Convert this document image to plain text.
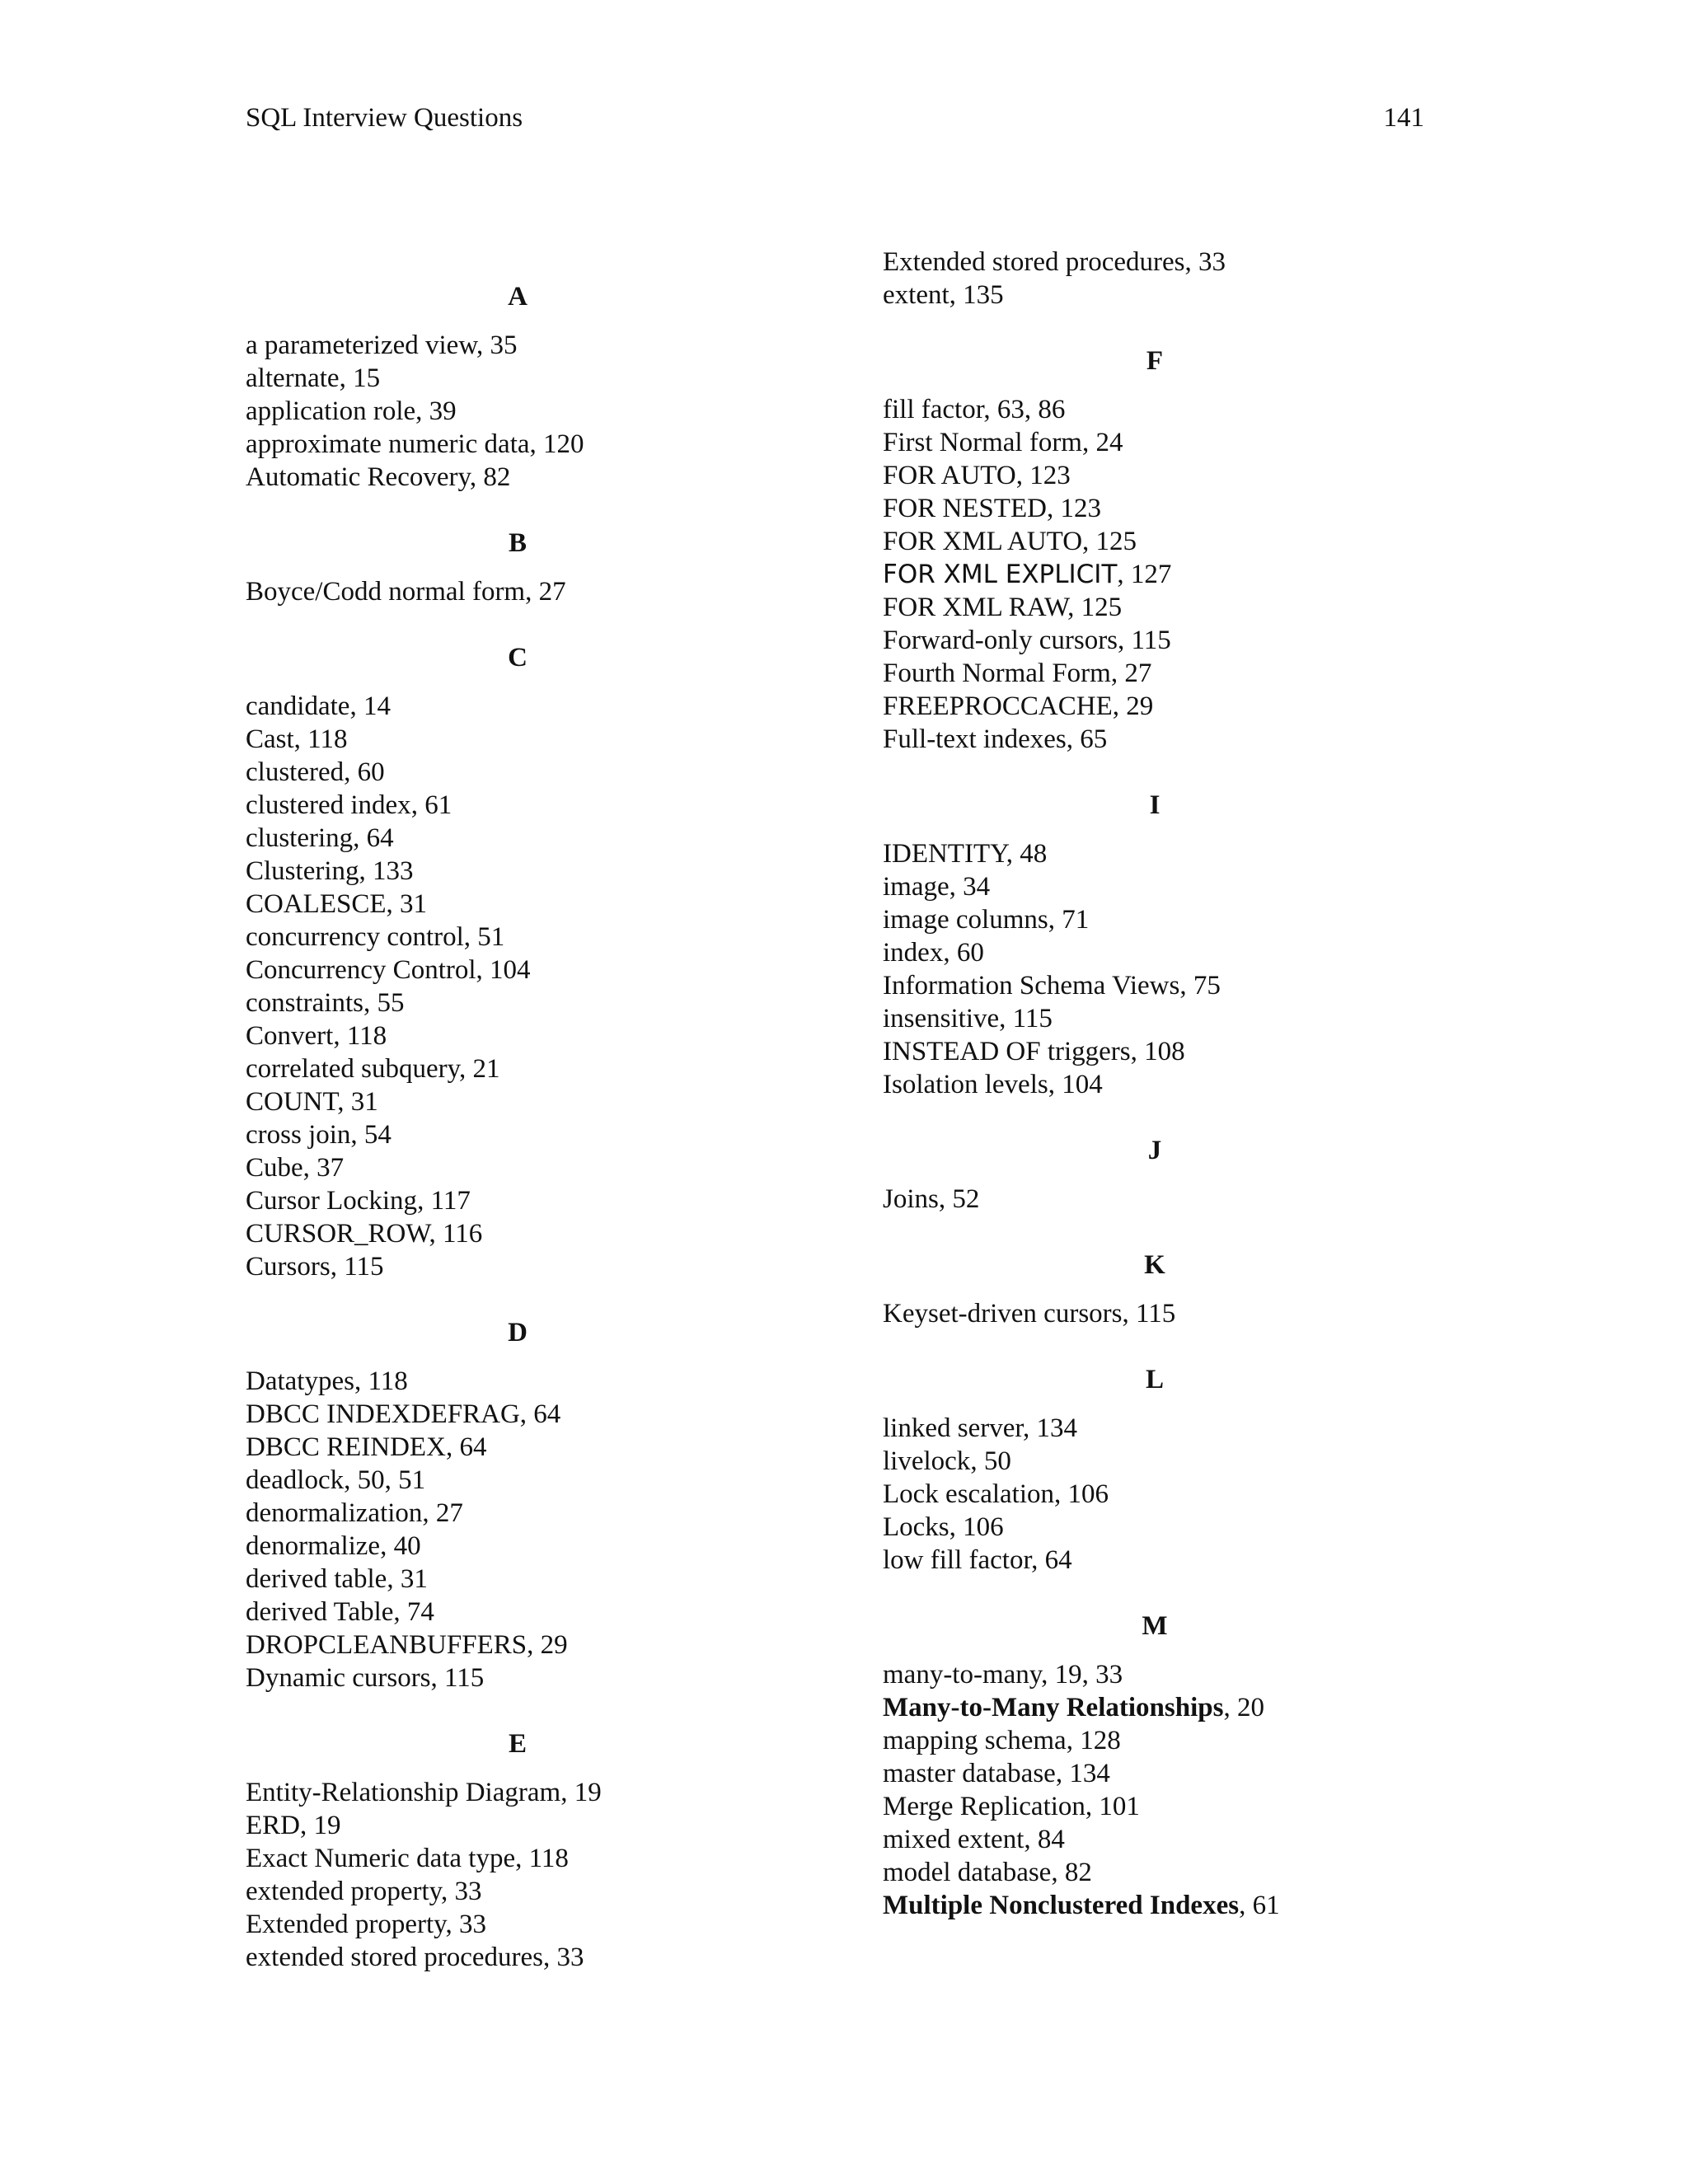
SQL Interview Questions	141
A
a parameterized view, 35
alternate, 15
application role, 39
approximate numeric data, 120
Automatic Recovery, 82
B
Boyce/Codd normal form, 27
C
candidate, 14
Cast, 118
clustered, 60
clustered index, 61
clustering, 64
Clustering, 133
COALESCE, 31
concurrency control, 51
Concurrency Control, 104
constraints, 55
Convert, 118
correlated subquery, 21
COUNT, 31
cross join, 54
Cube, 37
Cursor Locking, 117
CURSOR_ROW, 116
Cursors, 115
D
Datatypes, 118
DBCC INDEXDEFRAG, 64
DBCC REINDEX, 64
deadlock, 50, 51
denormalization, 27
denormalize, 40
derived table, 31
derived Table, 74
DROPCLEANBUFFERS, 29
Dynamic cursors, 115
E
Entity-Relationship Diagram, 19
ERD, 19
Exact Numeric data type, 118
extended property, 33
Extended property, 33
extended stored procedures, 33
Extended stored procedures, 33
extent, 135
F
fill factor, 63, 86
First Normal form, 24
FOR AUTO, 123
FOR NESTED, 123
FOR XML AUTO, 125
FOR XML EXPLICIT, 127
FOR XML RAW, 125
Forward-only cursors, 115
Fourth Normal Form, 27
FREEPROCCACHE, 29
Full-text indexes, 65
I
IDENTITY, 48
image, 34
image columns, 71
index, 60
Information Schema Views, 75
insensitive, 115
INSTEAD OF triggers, 108
Isolation levels, 104
J
Joins, 52
K
Keyset-driven cursors, 115
L
linked server, 134
livelock, 50
Lock escalation, 106
Locks, 106
low fill factor, 64
M
many-to-many, 19, 33
Many-to-Many Relationships, 20
mapping schema, 128
master database, 134
Merge Replication, 101
mixed extent, 84
model database, 82
Multiple Nonclustered Indexes, 61
